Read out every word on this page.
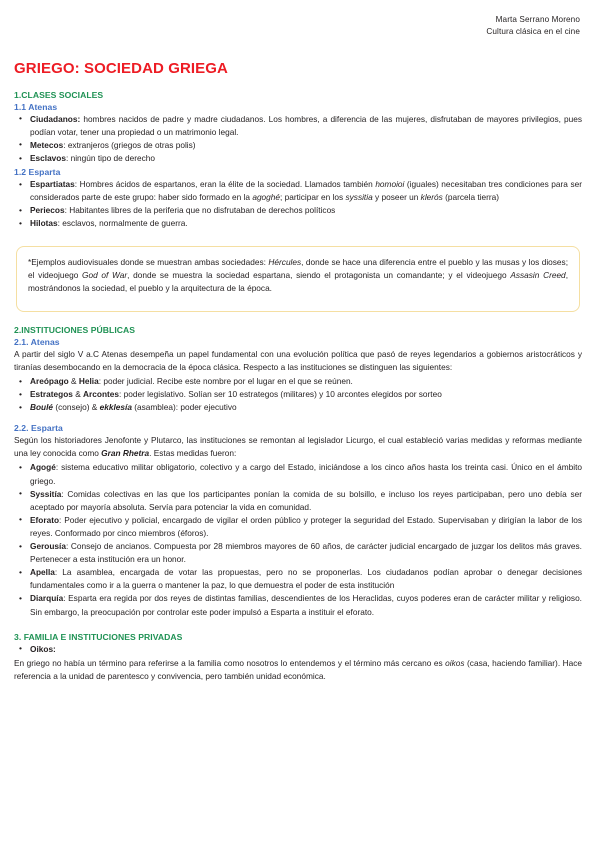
Marta Serrano Moreno
Cultura clásica en el cine
GRIEGO: SOCIEDAD GRIEGA
1.CLASES SOCIALES
1.1 Atenas
• Ciudadanos: hombres nacidos de padre y madre ciudadanos. Los hombres, a diferencia de las mujeres, disfrutaban de mayores privilegios, pues podían votar, tener una propiedad o un matrimonio legal.
• Metecos: extranjeros (griegos de otras polis)
• Esclavos: ningún tipo de derecho
1.2 Esparta
• Espartiatas: Hombres ácidos de espartanos, eran la élite de la sociedad. Llamados también homoioi (iguales) necesitaban tres condiciones para ser considerados parte de este grupo: haber sido formado en la agoghé; participar en los syssitia y poseer un klerós (parcela tierra)
• Periecos: Habitantes libres de la periferia que no disfrutaban de derechos políticos
• Hilotas: esclavos, normalmente de guerra.
*Ejemplos audiovisuales donde se muestran ambas sociedades: Hércules, donde se hace una diferencia entre el pueblo y las musas y los dioses; el videojuego God of War, donde se muestra la sociedad espartana, siendo el protagonista un comandante; y el videojuego Assasin Creed, mostrándonos la sociedad, el pueblo y la arquitectura de la época.
2.INSTITUCIONES PÚBLICAS
2.1. Atenas
A partir del siglo V a.C Atenas desempeña un papel fundamental con una evolución política que pasó de reyes legendarios a gobiernos aristocráticos y tiranías desembocando en la democracia de la época clásica. Respecto a las instituciones se distinguen las siguientes:
• Areópago & Helia: poder judicial. Recibe este nombre por el lugar en el que se reúnen.
• Estrategos & Arcontes: poder legislativo. Solían ser 10 estrategos (militares) y 10 arcontes elegidos por sorteo
• Boulé (consejo) & ekklesía (asamblea): poder ejecutivo
2.2. Esparta
Según los historiadores Jenofonte y Plutarco, las instituciones se remontan al legislador Licurgo, el cual estableció varias medidas y reformas mediante una ley conocida como Gran Rhetra. Estas medidas fueron:
• Agogé: sistema educativo militar obligatorio, colectivo y a cargo del Estado, iniciándose a los cinco años hasta los treinta casi. Único en el ámbito griego.
• Syssitía: Comidas colectivas en las que los participantes ponían la comida de su bolsillo, e incluso los reyes participaban, pero uno debía ser aceptado por mayoría absoluta. Servía para potenciar la vida en comunidad.
• Eforato: Poder ejecutivo y policial, encargado de vigilar el orden público y proteger la seguridad del Estado. Supervisaban y dirigían la labor de los reyes. Conformado por cinco miembros (éforos).
• Gerousía: Consejo de ancianos. Compuesta por 28 miembros mayores de 60 años, de carácter judicial encargado de juzgar los delitos más graves. Pertenecer a esta institución era un honor.
• Apella: La asamblea, encargada de votar las propuestas, pero no se proponerlas. Los ciudadanos podían aprobar o denegar decisiones fundamentales como ir a la guerra o mantener la paz, lo que demuestra el poder de esta institución
• Diarquía: Esparta era regida por dos reyes de distintas familias, descendientes de los Heraclidas, cuyos poderes eran de carácter militar y religioso. Sin embargo, la preocupación por controlar este poder impulsó a Esparta a instituir el eforato.
3. FAMILIA E INSTITUCIONES PRIVADAS
• Oikos:
En griego no había un término para referirse a la familia como nosotros lo entendemos y el término más cercano es oikos (casa, haciendo familiar). Hace referencia a la unidad de parentesco y convivencia, pero también unidad económica.
